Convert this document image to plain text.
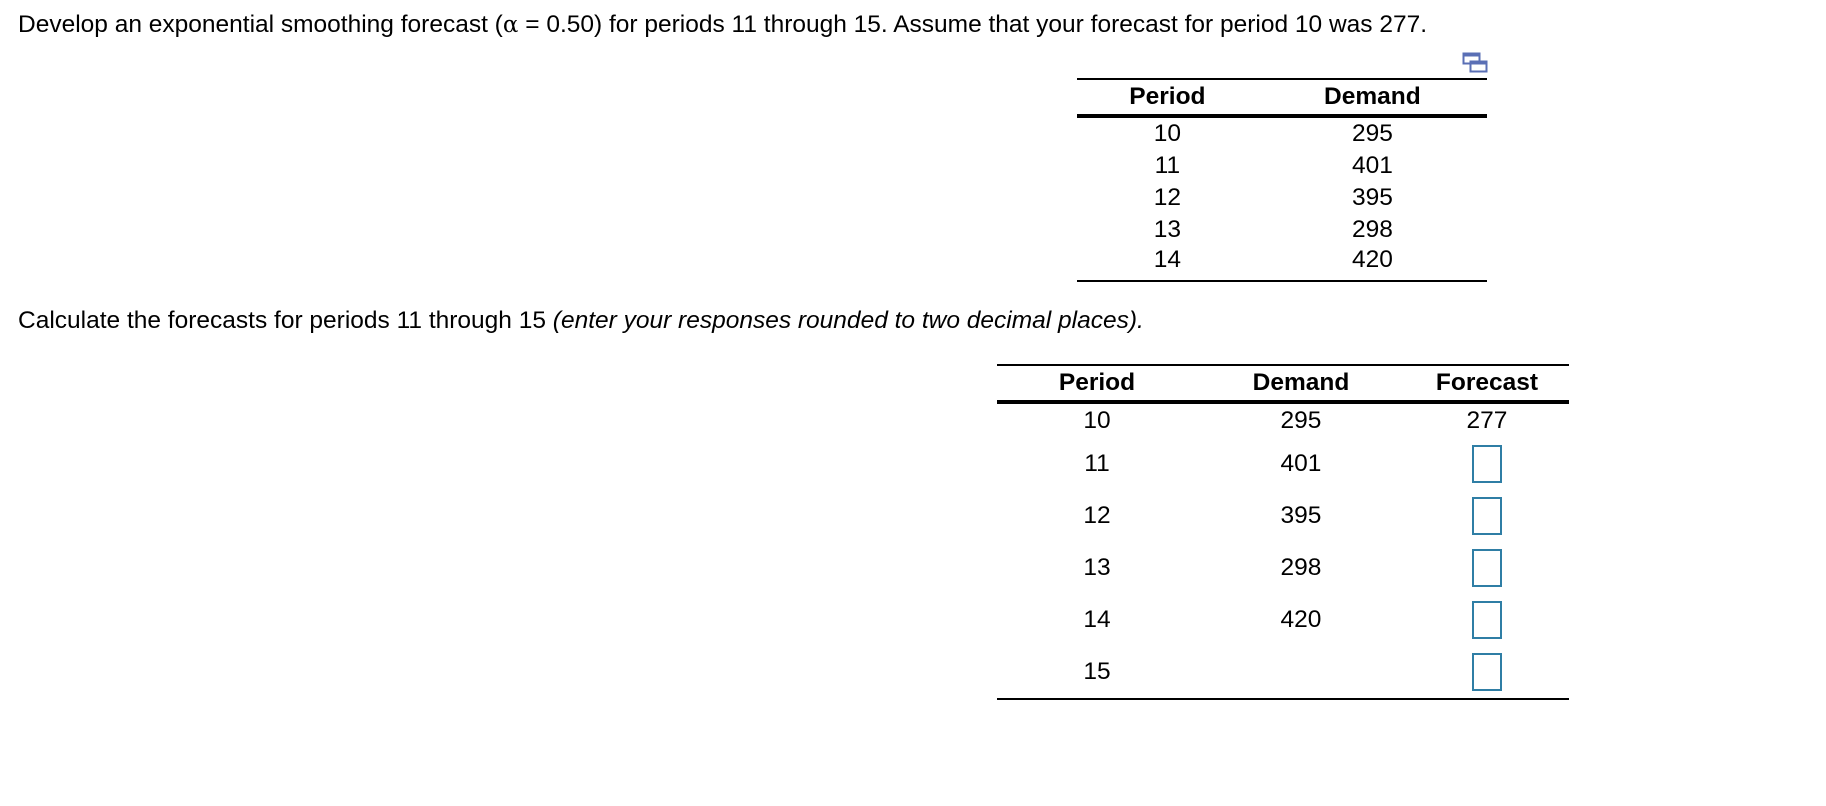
Develop an exponential smoothing forecast (α = 0.50) for periods 11 through 15. Assume that your forecast for period 10 was 277.
Period	Demand
10	295
11	401
12	395
13	298
14	420
Calculate the forecasts for periods 11 through 15 (enter your responses rounded to two decimal places).
Period	Demand	Forecast
10	295	277
11	401	
12	395	
13	298	
14	420	
15		
